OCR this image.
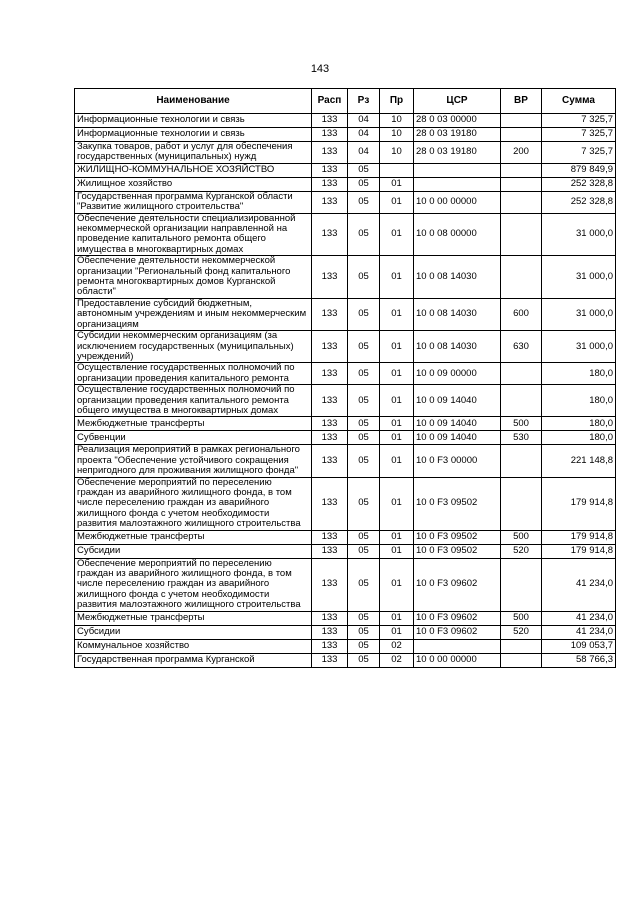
143
Наименование	Расп	Рз	Пр	ЦСР	ВР	Сумма
Информационные технологии и связь	133	04	10	28 0 03 00000		7 325,7
Информационные технологии и связь	133	04	10	28 0 03 19180		7 325,7
Закупка товаров, работ и услуг для обеспечения государственных (муниципальных) нужд	133	04	10	28 0 03 19180	200	7 325,7
ЖИЛИЩНО-КОММУНАЛЬНОЕ ХОЗЯЙСТВО	133	05				879 849,9
Жилищное хозяйство	133	05	01			252 328,8
Государственная программа Курганской области "Развитие жилищного строительства"	133	05	01	10 0 00 00000		252 328,8
Обеспечение деятельности специализированной некоммерческой организации направленной на проведение капитального ремонта общего имущества в многоквартирных домах	133	05	01	10 0 08 00000		31 000,0
Обеспечение деятельности некоммерческой организации "Региональный фонд капитального ремонта многоквартирных домов Курганской области"	133	05	01	10 0 08 14030		31 000,0
Предоставление субсидий бюджетным, автономным учреждениям и иным некоммерческим организациям	133	05	01	10 0 08 14030	600	31 000,0
Субсидии некоммерческим организациям (за исключением государственных (муниципальных) учреждений)	133	05	01	10 0 08 14030	630	31 000,0
Осуществление государственных полномочий по организации проведения капитального ремонта	133	05	01	10 0 09 00000		180,0
Осуществление государственных полномочий по организации проведения капитального ремонта общего имущества в многоквартирных домах	133	05	01	10 0 09 14040		180,0
Межбюджетные трансферты	133	05	01	10 0 09 14040	500	180,0
Субвенции	133	05	01	10 0 09 14040	530	180,0
Реализация мероприятий в рамках регионального проекта "Обеспечение устойчивого сокращения непригодного для проживания жилищного фонда"	133	05	01	10 0 F3 00000		221 148,8
Обеспечение мероприятий по переселению граждан из аварийного жилищного фонда, в том числе переселению граждан из аварийного жилищного фонда с учетом необходимости развития малоэтажного жилищного строительства	133	05	01	10 0 F3 09502		179 914,8
Межбюджетные трансферты	133	05	01	10 0 F3 09502	500	179 914,8
Субсидии	133	05	01	10 0 F3 09502	520	179 914,8
Обеспечение мероприятий по переселению граждан из аварийного жилищного фонда, в том числе переселению граждан из аварийного жилищного фонда с учетом необходимости развития малоэтажного жилищного строительства	133	05	01	10 0 F3 09602		41 234,0
Межбюджетные трансферты	133	05	01	10 0 F3 09602	500	41 234,0
Субсидии	133	05	01	10 0 F3 09602	520	41 234,0
Коммунальное хозяйство	133	05	02			109 053,7
Государственная программа Курганской	133	05	02	10 0 00 00000		58 766,3
